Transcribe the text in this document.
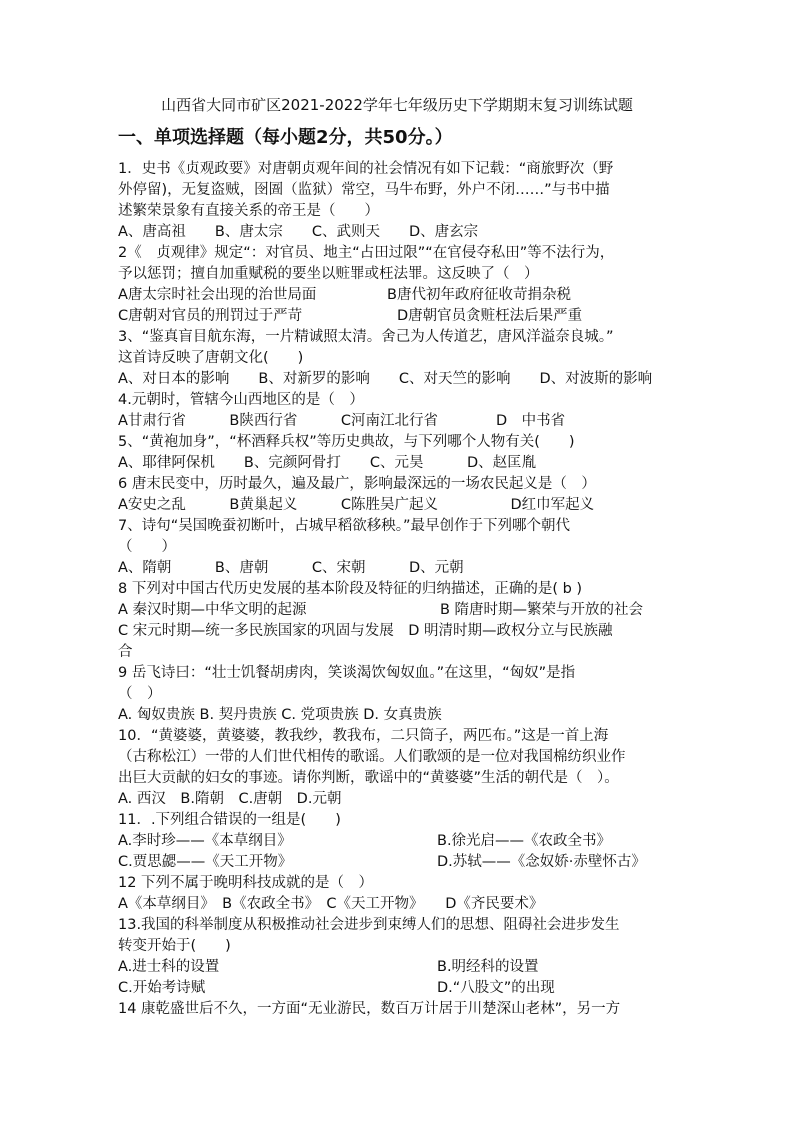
山西省大同市矿区2021-2022学年七年级历史下学期期末复习训练试题
一、单项选择题（每小题2分，共50分。）
1．史书《贞观政要》对唐朝贞观年间的社会情况有如下记载：“商旅野次（野
外停留)，无复盗贼，囹圄（监狱）常空，马牛布野，外户不闭……”与书中描
述繁荣景象有直接关系的帝王是（　　）
A、唐高祖　　B、唐太宗　　C、武则天　　D、唐玄宗
2《　贞观律》规定“：对官员、地主“占田过限”“在官侵夺私田”等不法行为，
予以惩罚；擅自加重赋税的要坐以赃罪或枉法罪。这反映了（　）
A唐太宗时社会出现的治世局面	B唐代初年政府征收苛捐杂税
C唐朝对官员的刑罚过于严苛	D唐朝官员贪赃枉法后果严重
3、“鉴真盲目航东海，一片精诚照太清。舍己为人传道艺，唐风洋溢奈良城。”
这首诗反映了唐朝文化(　　)
A、对日本的影响　　B、对新罗的影响　　C、对天竺的影响　　D、对波斯的影响
4.元朝时，管辖今山西地区的是（　）
A甘肃行省　　　B陕西行省　　　C河南江北行省　　　　D　中书省
5、“黄袍加身”，“杯酒释兵权”等历史典故，与下列哪个人物有关(　　)
A、耶律阿保机　　B、完颜阿骨打　　C、元昊　　　D、赵匡胤
6 唐末民变中，历时最久，遍及最广，影响最深远的一场农民起义是（　）
A安史之乱　　　B黄巢起义　　　C陈胜吴广起义　　　　　D红巾军起义
7、诗句“吴国晚蚕初断叶，占城早稻欲移秧。”最早创作于下列哪个朝代
（　　）
A、隋朝　　　B、唐朝　　　C、宋朝　　　D、元朝
8 下列对中国古代历史发展的基本阶段及特征的归纳描述，正确的是( b )
A 秦汉时期—中华文明的起源	B 隋唐时期—繁荣与开放的社会
C 宋元时期—统一多民族国家的巩固与发展　D 明清时期—政权分立与民族融
合
9 岳飞诗曰：“壮士饥餐胡虏肉，笑谈渴饮匈奴血。”在这里，“匈奴”是指
（　）
A. 匈奴贵族 B. 契丹贵族 C. 党项贵族 D. 女真贵族
10．“黄婆婆，黄婆婆，教我纱，教我布，二只筒子，两匹布。”这是一首上海
（古称松江）一带的人们世代相传的歌谣。人们歌颂的是一位对我国棉纺织业作
出巨大贡献的妇女的事迹。请你判断，歌谣中的“黄婆婆”生活的朝代是（　）。
A. 西汉　B.隋朝　C.唐朝　D.元朝
11．.下列组合错误的一组是(　　)
A.李时珍——《本草纲目》	B.徐光启——《农政全书》
C.贾思勰——《天工开物》	D.苏轼——《念奴娇·赤壁怀古》
12 下列不属于晚明科技成就的是（　）
A《本草纲目》　B《农政全书》　C《天工开物》　　D《齐民要术》
13.我国的科举制度从积极推动社会进步到束缚人们的思想、阻碍社会进步发生
转变开始于(　　)
A.进士科的设置	B.明经科的设置
C.开始考诗赋	D.“八股文”的出现
14 康乾盛世后不久，一方面“无业游民，数百万计居于川楚深山老林”，另一方
